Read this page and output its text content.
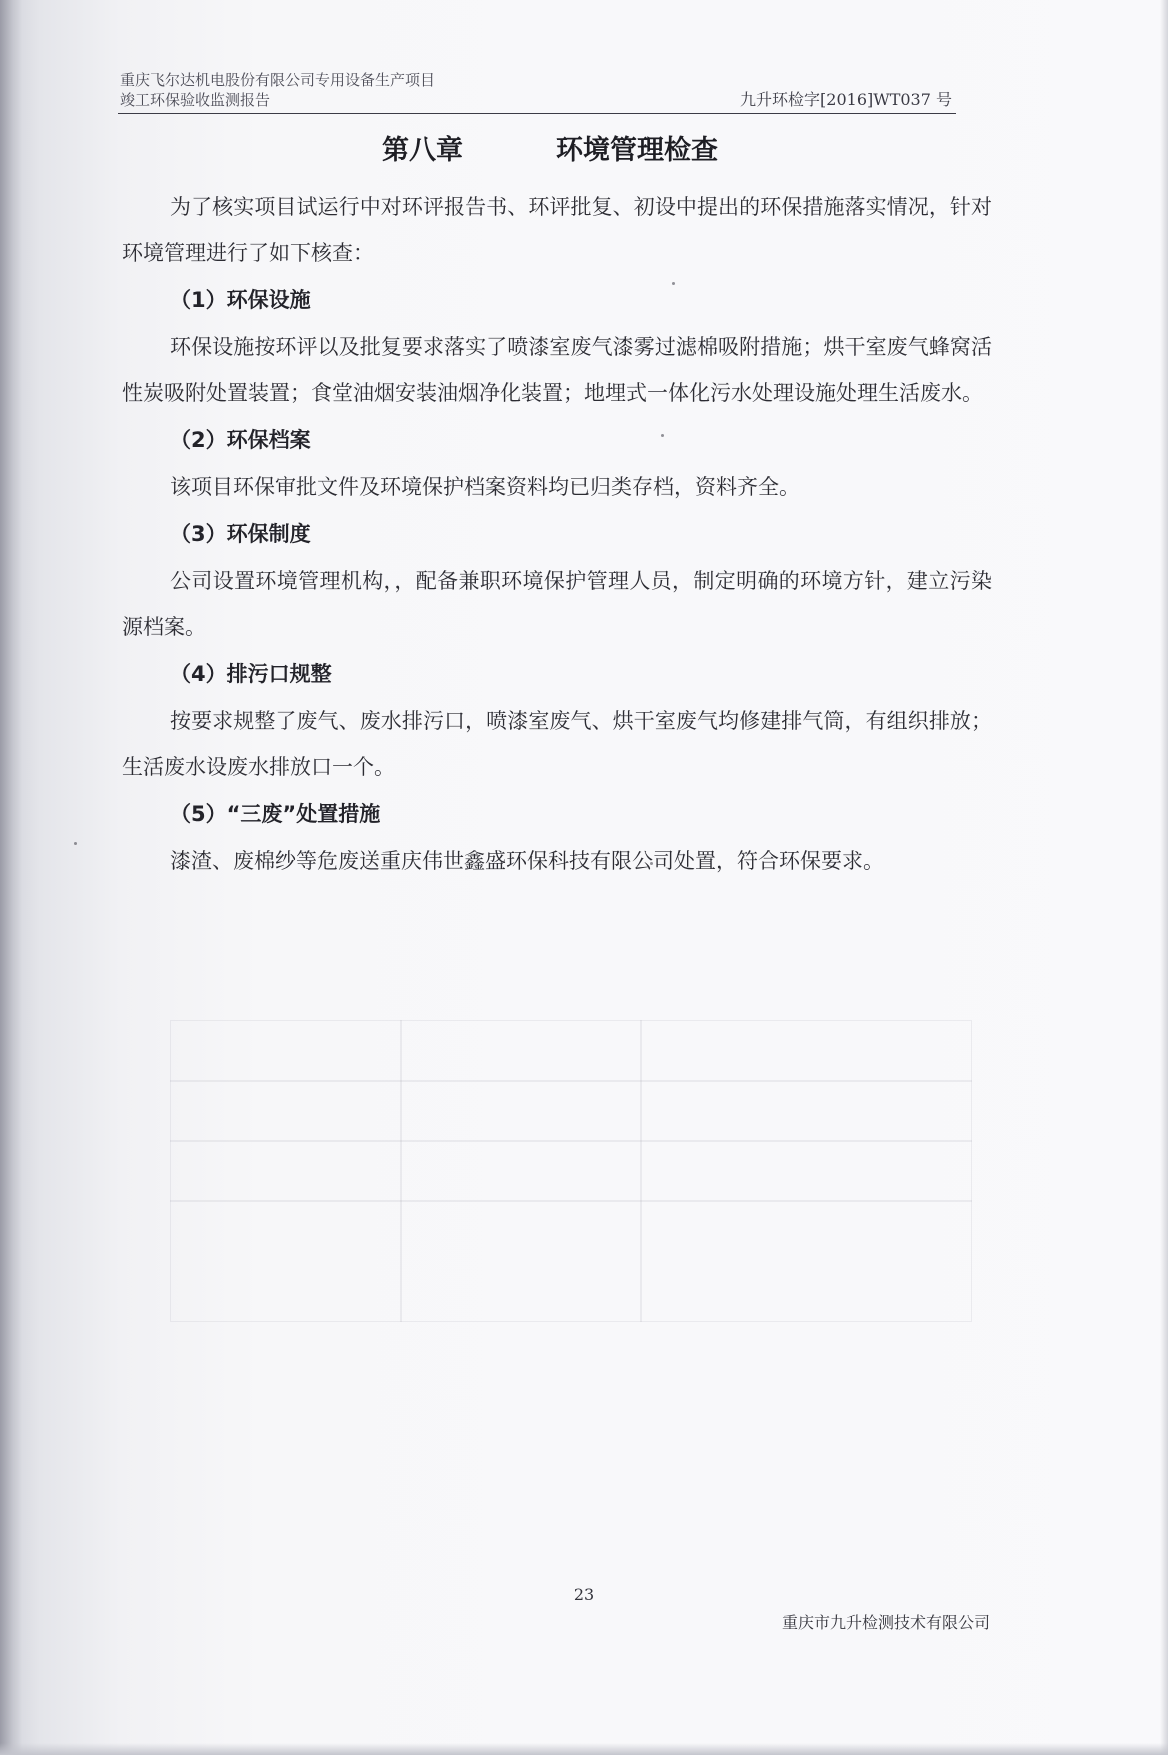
重庆飞尔达机电股份有限公司专用设备生产项目
竣工环保验收监测报告	九升环检字[2016]WT037 号
第八章	环境管理检查

为了核实项目试运行中对环评报告书、环评批复、初设中提出的环保措施落实情况，针对环境管理进行了如下核查：

（1）环保设施

环保设施按环评以及批复要求落实了喷漆室废气漆雾过滤棉吸附措施；烘干室废气蜂窝活性炭吸附处置装置；食堂油烟安装油烟净化装置；地埋式一体化污水处理设施处理生活废水。

（2）环保档案

该项目环保审批文件及环境保护档案资料均已归类存档，资料齐全。

（3）环保制度

公司设置环境管理机构，，配备兼职环境保护管理人员，制定明确的环境方针，建立污染源档案。

（4）排污口规整

按要求规整了废气、废水排污口，喷漆室废气、烘干室废气均修建排气筒，有组织排放；生活废水设废水排放口一个。

（5）“三废”处置措施

漆渣、废棉纱等危废送重庆伟世鑫盛环保科技有限公司处置，符合环保要求。

23
重庆市九升检测技术有限公司
